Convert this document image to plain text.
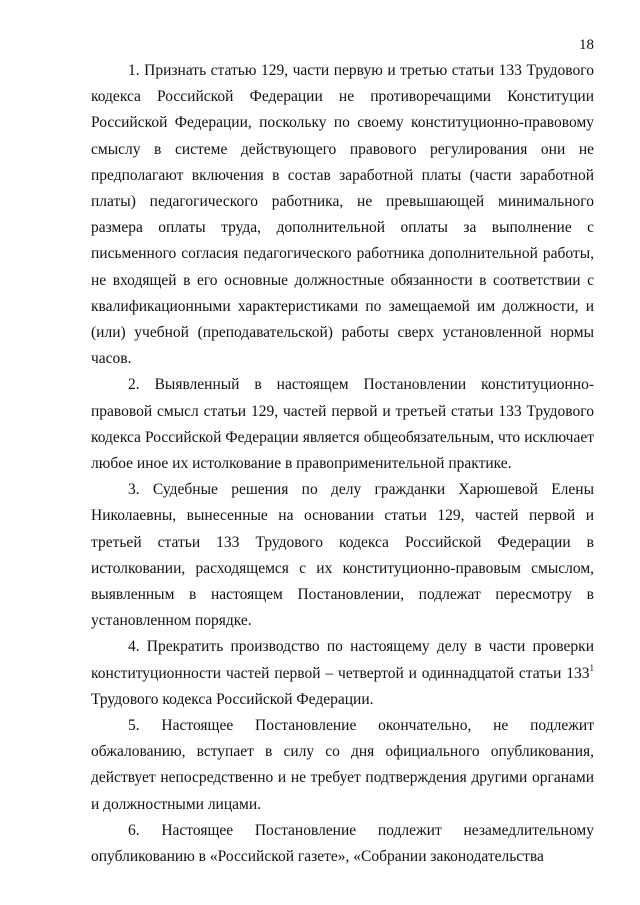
18

1. Признать статью 129, части первую и третью статьи 133 Трудового кодекса Российской Федерации не противоречащими Конституции Российской Федерации, поскольку по своему конституционно-правовому смыслу в системе действующего правового регулирования они не предполагают включения в состав заработной платы (части заработной платы) педагогического работника, не превышающей минимального размера оплаты труда, дополнительной оплаты за выполнение с письменного согласия педагогического работника дополнительной работы, не входящей в его основные должностные обязанности в соответствии с квалификационными характеристиками по замещаемой им должности, и (или) учебной (преподавательской) работы сверх установленной нормы часов.

2. Выявленный в настоящем Постановлении конституционно-правовой смысл статьи 129, частей первой и третьей статьи 133 Трудового кодекса Российской Федерации является общеобязательным, что исключает любое иное их истолкование в правоприменительной практике.

3. Судебные решения по делу гражданки Харюшевой Елены Николаевны, вынесенные на основании статьи 129, частей первой и третьей статьи 133 Трудового кодекса Российской Федерации в истолковании, расходящемся с их конституционно-правовым смыслом, выявленным в настоящем Постановлении, подлежат пересмотру в установленном порядке.

4. Прекратить производство по настоящему делу в части проверки конституционности частей первой – четвертой и одиннадцатой статьи $133^1$ Трудового кодекса Российской Федерации.

5. Настоящее Постановление окончательно, не подлежит обжалованию, вступает в силу со дня официального опубликования, действует непосредственно и не требует подтверждения другими органами и должностными лицами.

6. Настоящее Постановление подлежит незамедлительному опубликованию в «Российской газете», «Собрании законодательства
